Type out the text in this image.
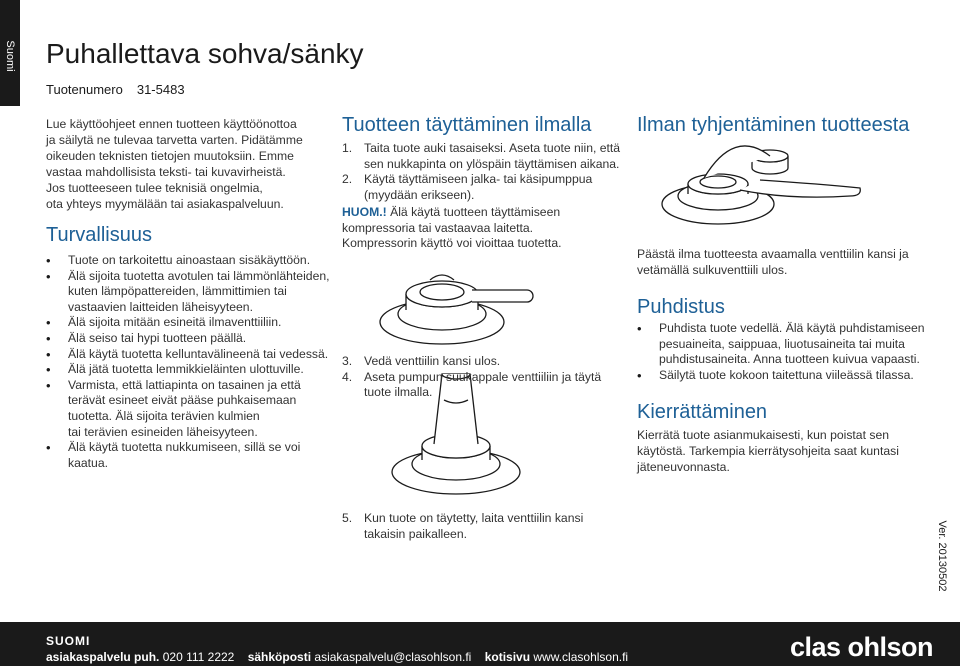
Suomi Puhallettava sohva/sänky
Tuotenumero 31-5483

Lue käyttöohjeet ennen tuotteen käyttöönottoa

ja säilytä ne tulevaa tarvetta varten. Pidätämme

oikeuden teknisten tietojen muutoksiin. Emme

vastaa mahdollisista teksti- tai kuvavirheistä.

Jos tuotteeseen tulee teknisiä ongelmia,

ota yhteys myymälään tai asiakaspalveluun.

Turvallisuus
• Tuote on tarkoitettu ainoastaan sisäkäyttöön.
• Älä sijoita tuotetta avotulen tai lämmönlähteiden,
kuten lämpöpattereiden, lämmittimien tai
vastaavien laitteiden läheisyyteen.
• Älä sijoita mitään esineitä ilmaventtiiliin.
• Älä seiso tai hypi tuotteen päällä.
• Älä käytä tuotetta kelluntavälineenä tai vedessä.
• Älä jätä tuotetta lemmikkieläinten ulottuville.
• Varmista, että lattiapinta on tasainen ja että
terävät esineet eivät pääse puhkaisemaan
tuotetta. Älä sijoita terävien kulmien
tai terävien esineiden läheisyyteen.
• Älä käytä tuotetta nukkumiseen, sillä se voi
kaatua.
Tuotteen täyttäminen ilmalla
1. Taita tuote auki tasaiseksi. Aseta tuote niin, että
sen nukkapinta on ylöspäin täyttämisen aikana.
2. Käytä täyttämiseen jalka- tai käsipumppua
(myydään erikseen).
HUOM.! Älä käytä tuotteen täyttämiseen
kompressoria tai vastaavaa laitetta.
Kompressorin käyttö voi vioittaa tuotetta.
3. Vedä venttiilin kansi ulos.
4. Aseta pumpun suukappale venttiiliin ja täytä
tuote ilmalla.
5. Kun tuote on täytetty, laita venttiilin kansi
takaisin paikalleen.
Ilman tyhjentäminen tuotteesta

Päästä ilma tuotteesta avaamalla venttiilin kansi ja

vetämällä sulkuventtiili ulos.

Puhdistus
• Puhdista tuote vedellä. Älä käytä puhdistamiseen
pesuaineita, saippuaa, liuotusaineita tai muita
puhdistusaineita. Anna tuotteen kuivua vapaasti.
• Säilytä tuote kokoon taitettuna viileässä tilassa.
Kierrättäminen

Kierrätä tuote asianmukaisesti, kun poistat sen

käytöstä. Tarkempia kierrätysohjeita saat kuntasi

jäteneuvonnasta.

Ver. 20130502
SUOMI
asiakaspalvelu puh. 020 111 2222 sähköposti asiakaspalvelu@clasohlson.fi kotisivu www.clasohlson.fi	clas ohlson
